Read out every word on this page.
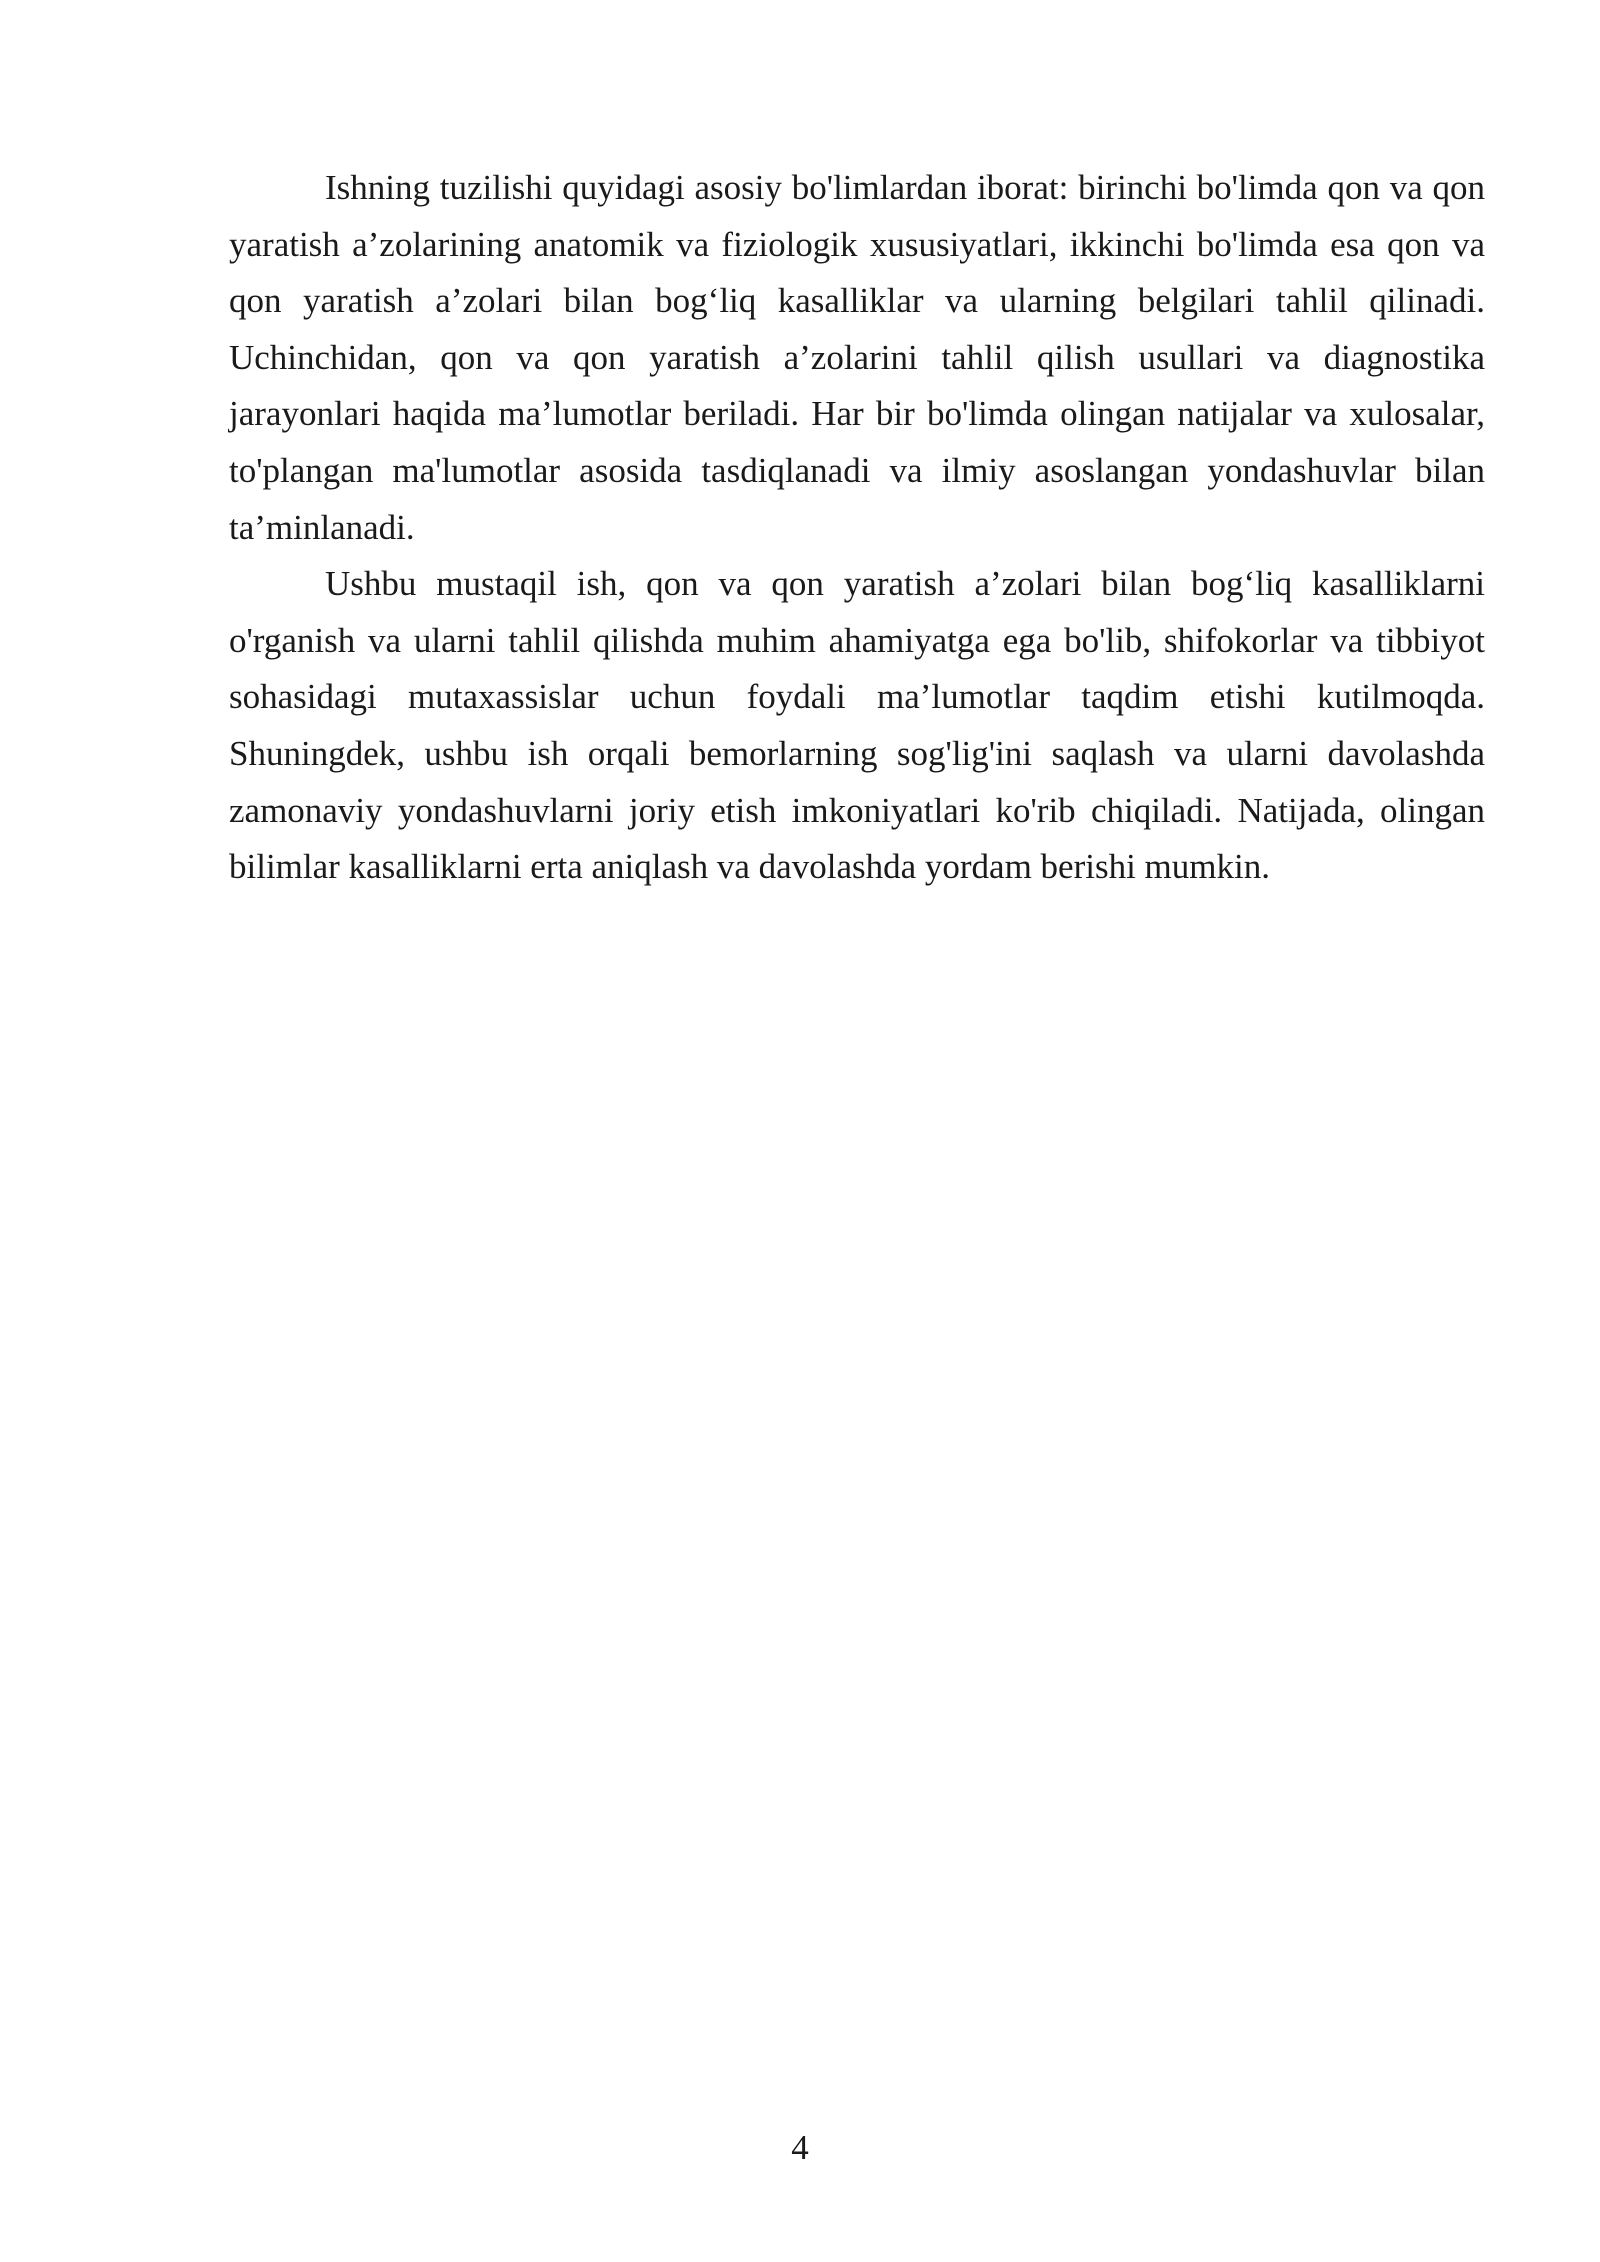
Ishning tuzilishi quyidagi asosiy bo'limlardan iborat: birinchi bo'limda qon va qon yaratish a’zolarining anatomik va fiziologik xususiyatlari, ikkinchi bo'limda esa qon va qon yaratish a’zolari bilan bog‘liq kasalliklar va ularning belgilari tahlil qilinadi. Uchinchidan, qon va qon yaratish a’zolarini tahlil qilish usullari va diagnostika jarayonlari haqida ma’lumotlar beriladi. Har bir bo'limda olingan natijalar va xulosalar, to'plangan ma'lumotlar asosida tasdiqlanadi va ilmiy asoslangan yondashuvlar bilan ta’minlanadi.

Ushbu mustaqil ish, qon va qon yaratish a’zolari bilan bog‘liq kasalliklarni o'rganish va ularni tahlil qilishda muhim ahamiyatga ega bo'lib, shifokorlar va tibbiyot sohasidagi mutaxassislar uchun foydali ma’lumotlar taqdim etishi kutilmoqda. Shuningdek, ushbu ish orqali bemorlarning sog'lig'ini saqlash va ularni davolashda zamonaviy yondashuvlarni joriy etish imkoniyatlari ko'rib chiqiladi. Natijada, olingan bilimlar kasalliklarni erta aniqlash va davolashda yordam berishi mumkin.

4
